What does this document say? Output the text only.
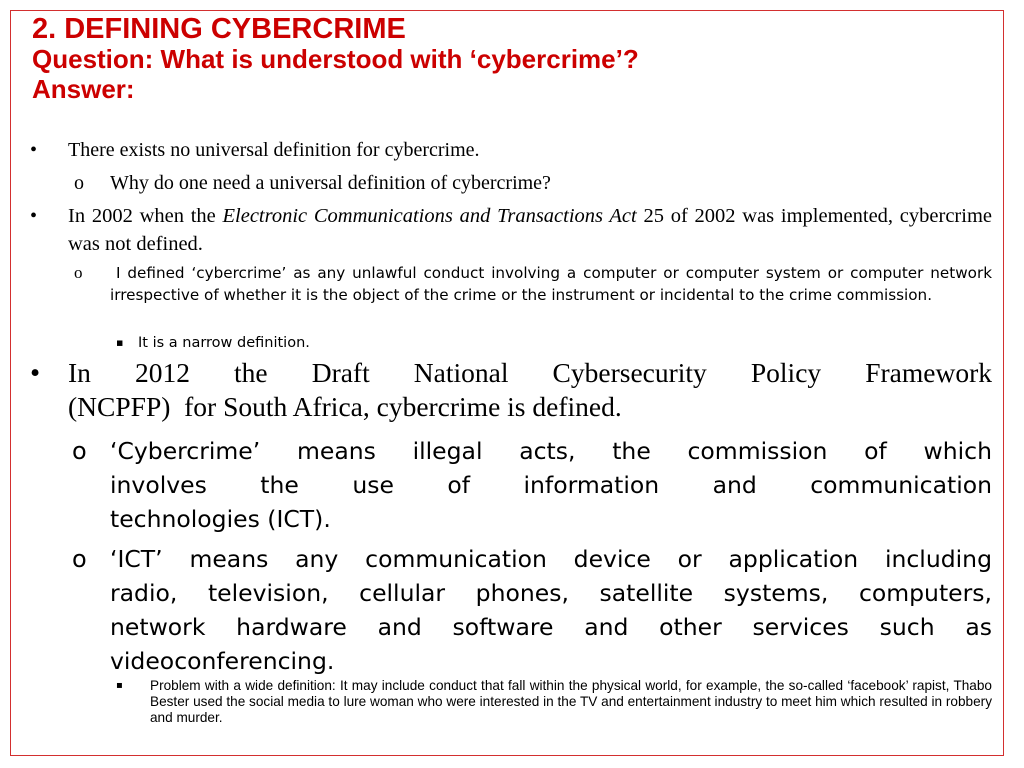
2. DEFINING CYBERCRIME
Question: What is understood with ‘cybercrime’?
Answer:
• There exists no universal definition for cybercrime.
o Why do one need a universal definition of cybercrime?
• In 2002 when the Electronic Communications and Transactions Act 25 of 2002 was implemented, cybercrime was not defined.
o	I defined ‘cybercrime’ as any unlawful conduct involving a computer or computer system or computer network irrespective of whether it is the object of the crime or the instrument or incidental to the crime commission.
▪ It is a narrow definition.
• In 2012 the Draft National Cybersecurity Policy Framework
(NCPFP)  for South Africa, cybercrime is defined.
o ‘Cybercrime’ means illegal acts, the commission of which
involves the use of information and communication
technologies (ICT).
o ‘ICT’ means any communication device or application including
radio, television, cellular phones, satellite systems, computers,
network hardware and software and other services such as
videoconferencing.
▪ Problem with a wide definition: It may include conduct that fall within the physical world, for example, the so-called ‘facebook’ rapist, Thabo Bester used the social media to lure woman who were interested in the TV and entertainment industry to meet him which resulted in robbery and murder.
